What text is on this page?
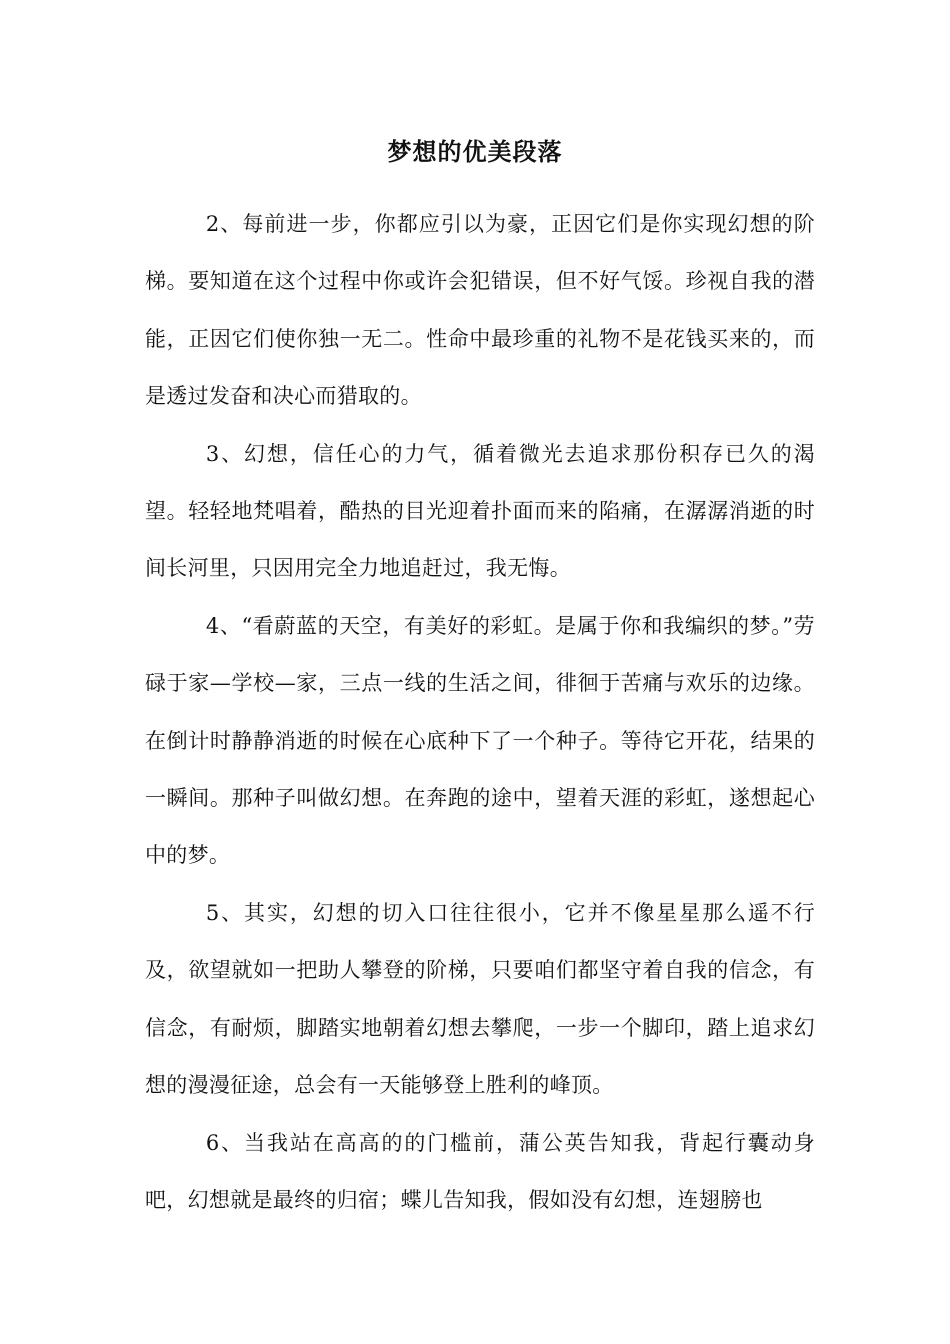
梦想的优美段落

2、每前进一步，你都应引以为豪，正因它们是你实现幻想的阶梯。要知道在这个过程中你或许会犯错误，但不好气馁。珍视自我的潜能，正因它们使你独一无二。性命中最珍重的礼物不是花钱买来的，而是透过发奋和决心而猎取的。

3、幻想，信任心的力气，循着微光去追求那份积存已久的渴望。轻轻地梵唱着，酷热的目光迎着扑面而来的陷痛，在潺潺消逝的时间长河里，只因用完全力地追赶过，我无悔。

4、“看蔚蓝的天空，有美好的彩虹。是属于你和我编织的梦。”劳碌于家—学校—家，三点一线的生活之间，徘徊于苦痛与欢乐的边缘。在倒计时静静消逝的时候在心底种下了一个种子。等待它开花，结果的一瞬间。那种子叫做幻想。在奔跑的途中，望着天涯的彩虹，遂想起心中的梦。

5、其实，幻想的切入口往往很小，它并不像星星那么遥不行及，欲望就如一把助人攀登的阶梯，只要咱们都坚守着自我的信念，有信念，有耐烦，脚踏实地朝着幻想去攀爬，一步一个脚印，踏上追求幻想的漫漫征途，总会有一天能够登上胜利的峰顶。

6、当我站在高高的的门槛前，蒲公英告知我，背起行囊动身吧，幻想就是最终的归宿；蝶儿告知我，假如没有幻想，连翅膀也
